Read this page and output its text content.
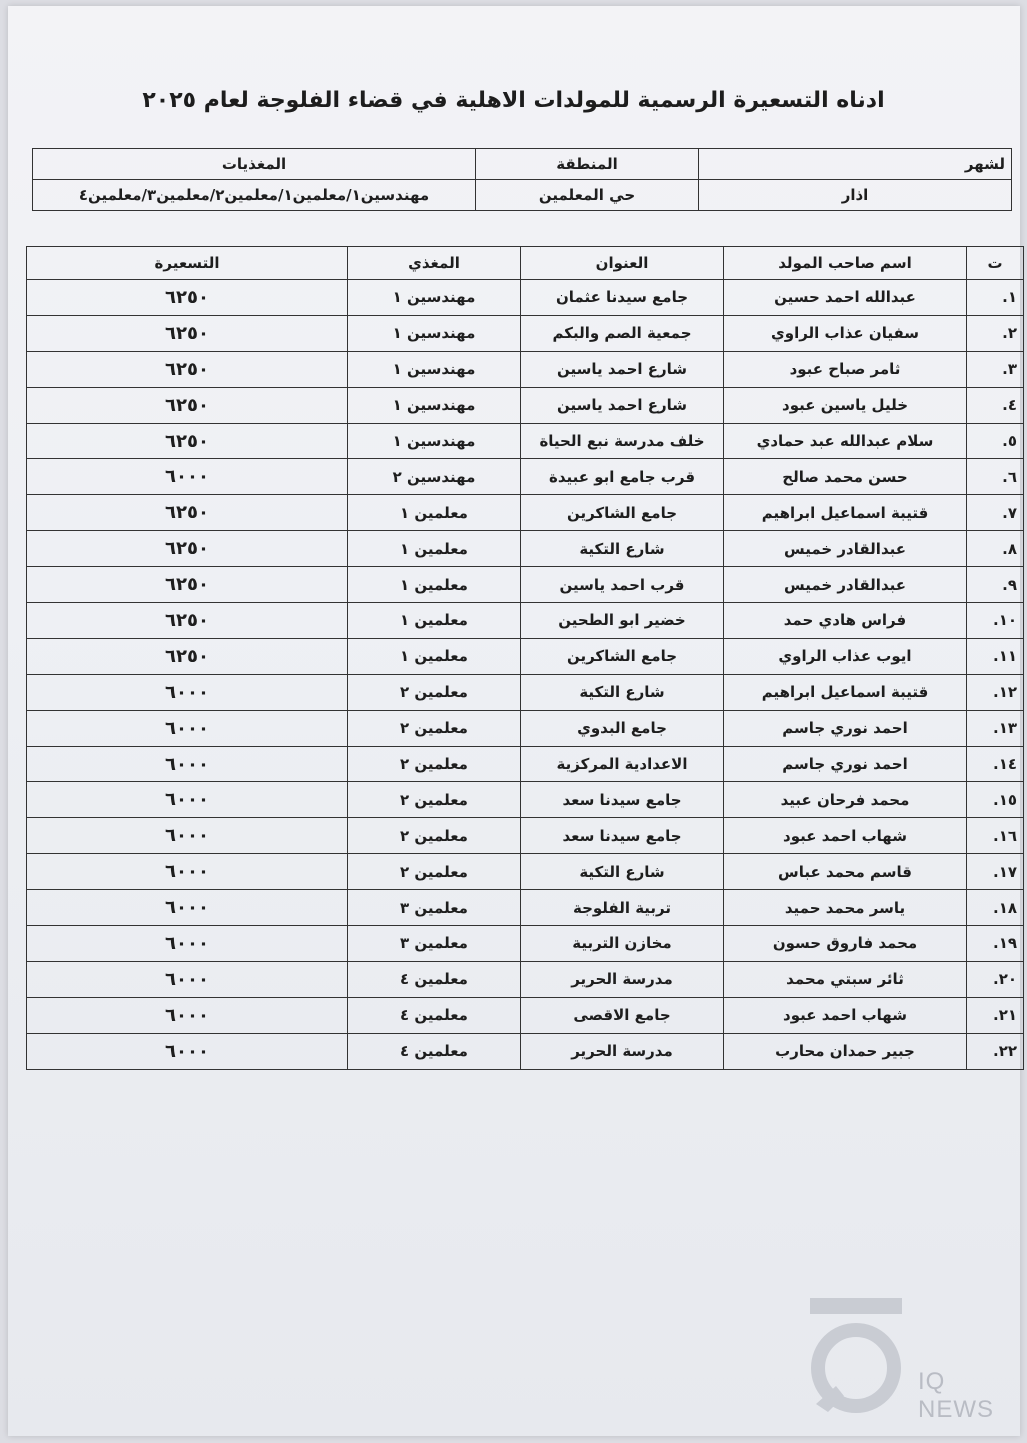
ادناه التسعيرة الرسمية للمولدات الاهلية في قضاء الفلوجة لعام ٢٠٢٥
لشهر	المنطقة	المغذيات
اذار	حي المعلمين	مهندسين١/معلمين١/معلمين٢/معلمين٣/معلمين٤
ت	اسم صاحب المولد	العنوان	المغذي	التسعيرة
١.	عبدالله احمد حسين	جامع سيدنا عثمان	مهندسين ١	٦٢٥٠
٢.	سفيان عذاب الراوي	جمعية الصم والبكم	مهندسين ١	٦٢٥٠
٣.	ثامر صباح عبود	شارع احمد ياسين	مهندسين ١	٦٢٥٠
٤.	خليل ياسين عبود	شارع احمد ياسين	مهندسين ١	٦٢٥٠
٥.	سلام عبدالله عبد حمادي	خلف مدرسة نبع الحياة	مهندسين ١	٦٢٥٠
٦.	حسن محمد صالح	قرب جامع ابو عبيدة	مهندسين ٢	٦٠٠٠
٧.	قتيبة اسماعيل ابراهيم	جامع الشاكرين	معلمين ١	٦٢٥٠
٨.	عبدالقادر خميس	شارع التكية	معلمين ١	٦٢٥٠
٩.	عبدالقادر خميس	قرب احمد ياسين	معلمين ١	٦٢٥٠
١٠.	فراس هادي حمد	خضير ابو الطحين	معلمين ١	٦٢٥٠
١١.	ايوب عذاب الراوي	جامع الشاكرين	معلمين ١	٦٢٥٠
١٢.	قتيبة اسماعيل ابراهيم	شارع التكية	معلمين ٢	٦٠٠٠
١٣.	احمد نوري جاسم	جامع البدوي	معلمين ٢	٦٠٠٠
١٤.	احمد نوري جاسم	الاعدادية المركزية	معلمين ٢	٦٠٠٠
١٥.	محمد فرحان عبيد	جامع سيدنا سعد	معلمين ٢	٦٠٠٠
١٦.	شهاب احمد عبود	جامع سيدنا سعد	معلمين ٢	٦٠٠٠
١٧.	قاسم محمد عباس	شارع التكية	معلمين ٢	٦٠٠٠
١٨.	ياسر محمد حميد	تربية الفلوجة	معلمين ٣	٦٠٠٠
١٩.	محمد فاروق حسون	مخازن التربية	معلمين ٣	٦٠٠٠
٢٠.	ثائر سبتي محمد	مدرسة الحرير	معلمين ٤	٦٠٠٠
٢١.	شهاب احمد عبود	جامع الاقصى	معلمين ٤	٦٠٠٠
٢٢.	جبير حمدان محارب	مدرسة الحرير	معلمين ٤	٦٠٠٠
IQ NEWS
